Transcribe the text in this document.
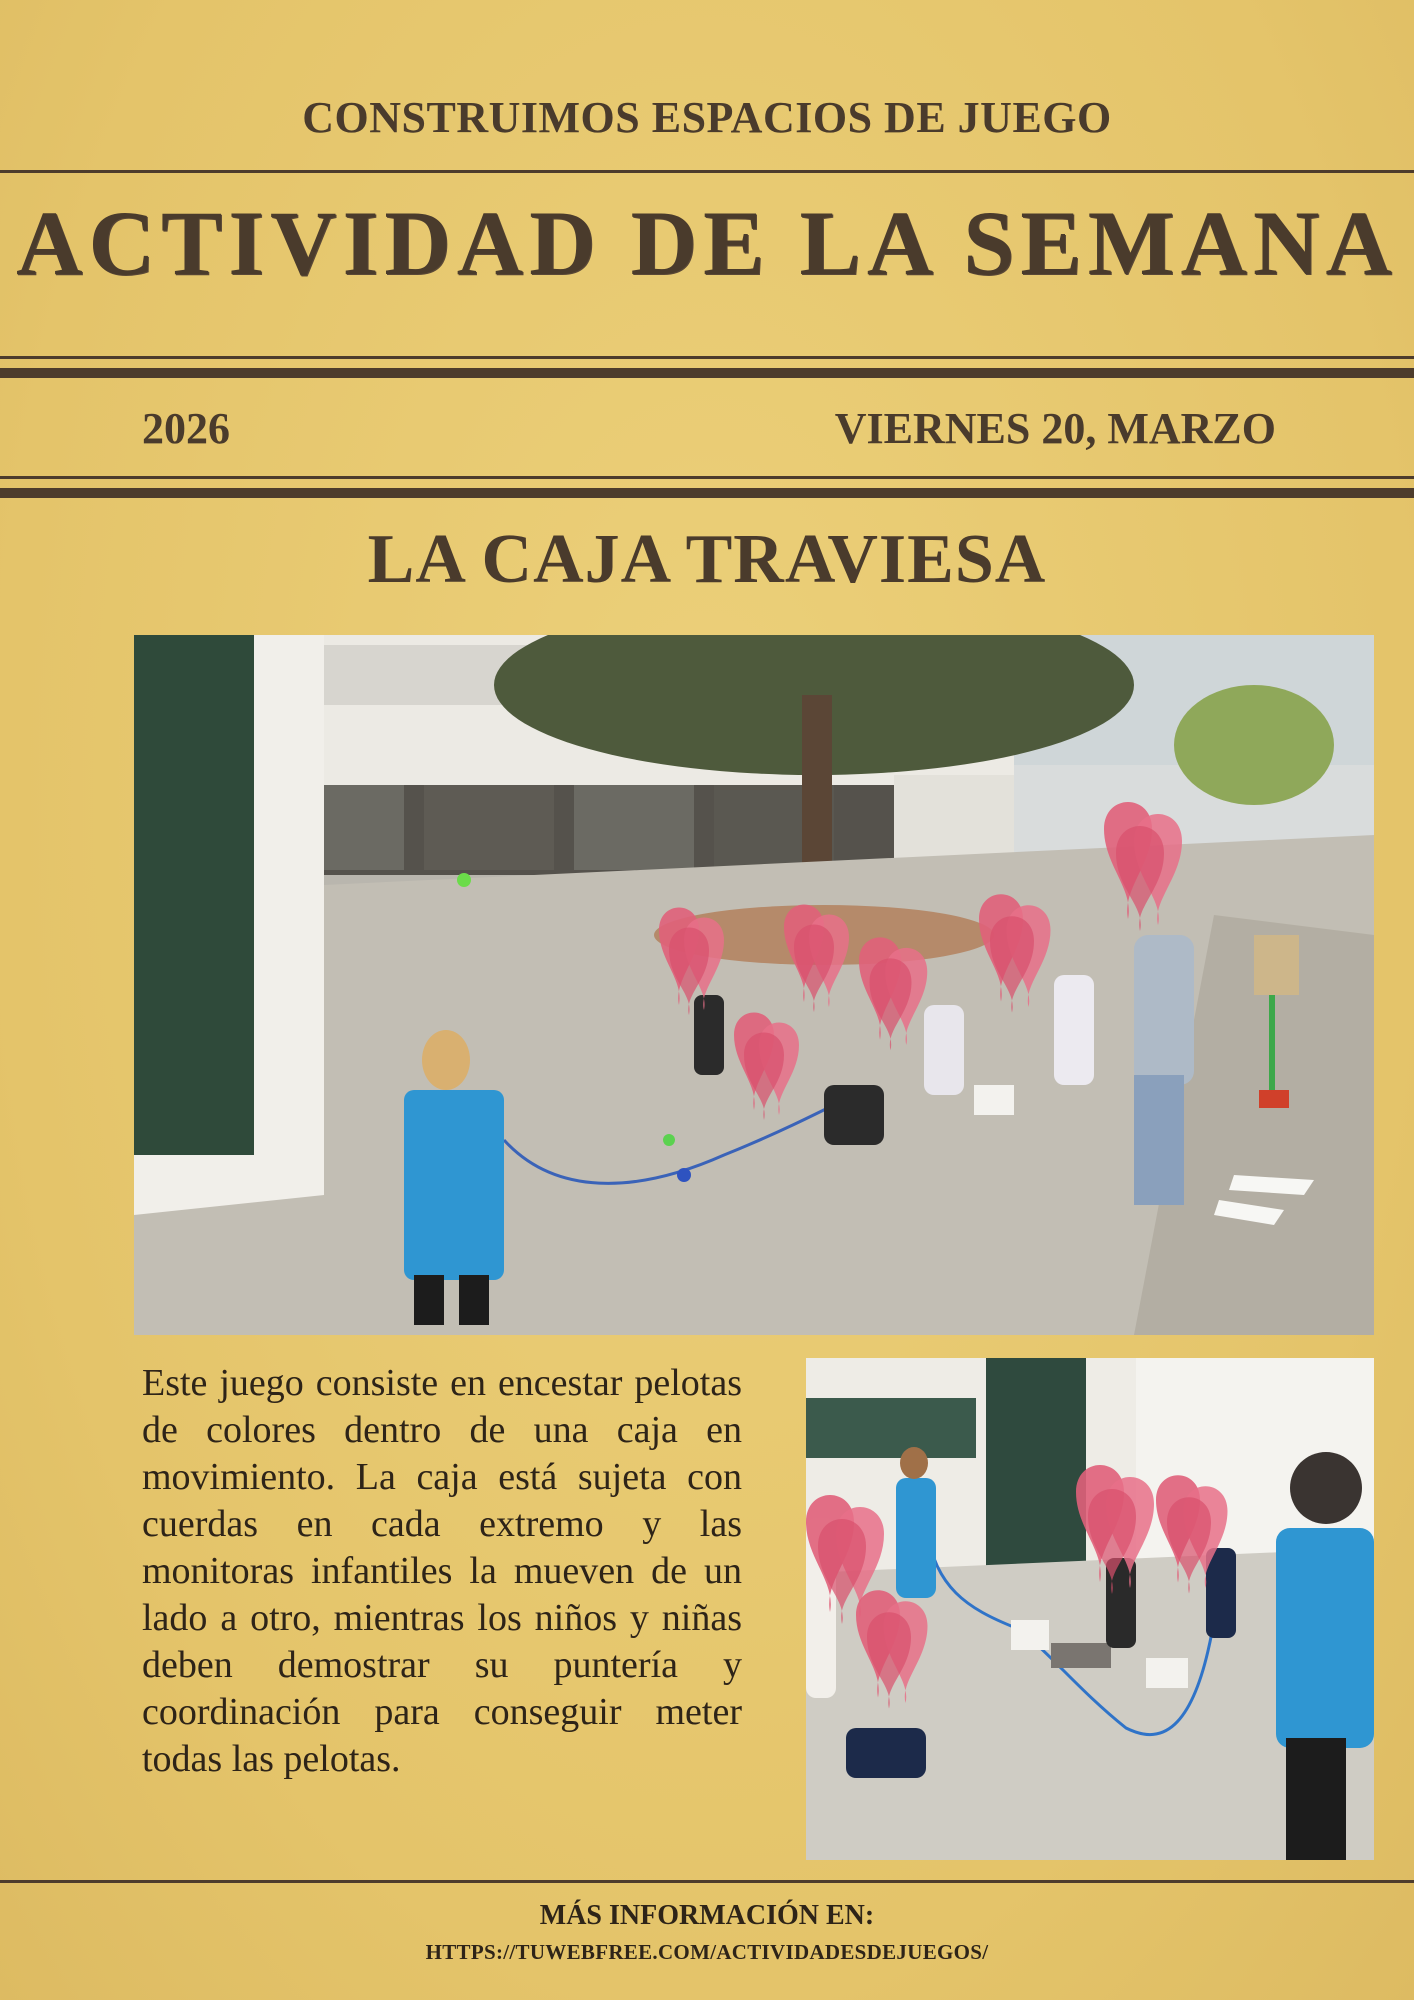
CONSTRUIMOS ESPACIOS DE JUEGO
ACTIVIDAD DE LA SEMANA
2026	VIERNES 20, MARZO
LA CAJA TRAVIESA
Este juego consiste en encestar pelotas de colores dentro de una caja en movimiento. La caja está sujeta con cuerdas en cada extremo y las monitoras infantiles la mueven de un lado a otro, mientras los niños y niñas deben demostrar su puntería y coordinación para conseguir meter todas las pelotas.
MÁS INFORMACIÓN EN:
HTTPS://TUWEBFREE.COM/ACTIVIDADESDEJUEGOS/
